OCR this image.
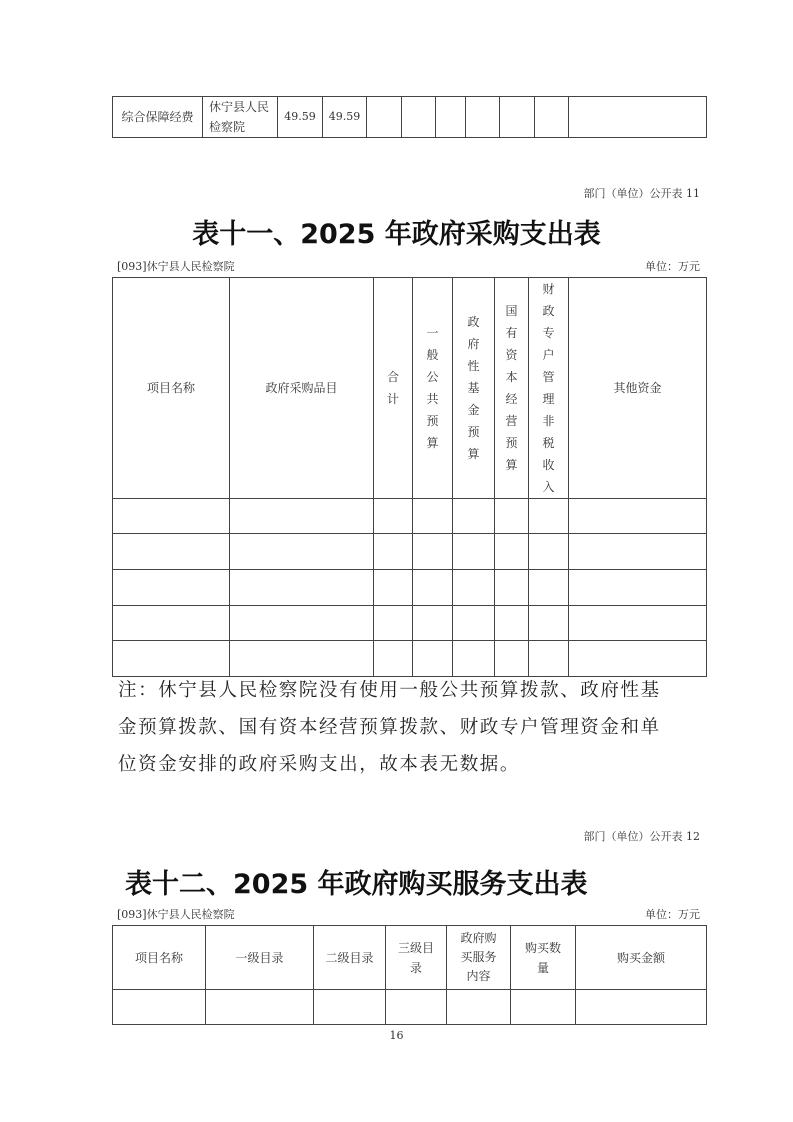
综合保障经费	休宁县人民检察院	49.59	49.59							
部门（单位）公开表 11
表十一、2025 年政府采购支出表
[093]休宁县人民检察院	单位：万元
项目名称	政府采购品目	合计	一般公共预算	政府性基金预算	国有资本经营预算	财政专户管理非税收入	其他资金

注：休宁县人民检察院没有使用一般公共预算拨款、政府性基
金预算拨款、国有资本经营预算拨款、财政专户管理资金和单
位资金安排的政府采购支出，故本表无数据。
部门（单位）公开表 12
表十二、2025 年政府购买服务支出表
[093]休宁县人民检察院	单位：万元
项目名称	一级目录	二级目录	三级目录	政府购买服务内容	购买数量	购买金额

16
